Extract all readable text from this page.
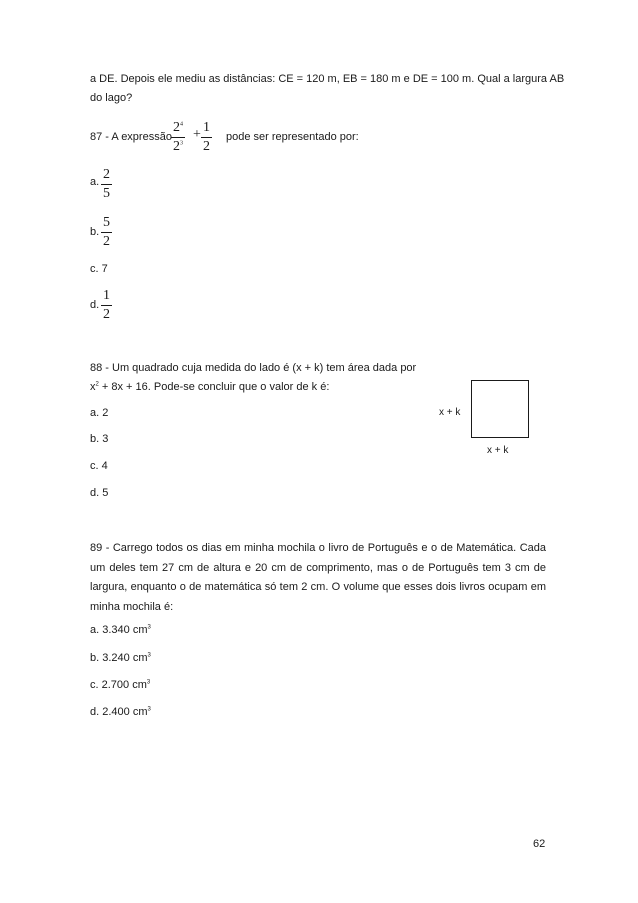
a DE. Depois ele mediu as distâncias: CE = 120 m, EB = 180 m e DE = 100 m. Qual a largura AB
do lago?
87 - A expressão $\frac{2^4}{2^3} + \frac{1}{2}$ pode ser representado por:
a. $\frac{2}{5}$
b. $\frac{5}{2}$
c. 7
d. $\frac{1}{2}$
88 - Um quadrado cuja medida do lado é (x + k) tem área dada por
$x^2 + 8x + 16$. Pode-se concluir que o valor de k é:
a. 2
b. 3
c. 4
d. 5
x + k
x + k
89 - Carrego todos os dias em minha mochila o livro de Português e o de Matemática. Cada um deles tem 27 cm de altura e 20 cm de comprimento, mas o de Português tem 3 cm de largura, enquanto o de matemática só tem 2 cm. O volume que esses dois livros ocupam em minha mochila é:
a. 3.340 $cm^3$
b. 3.240 $cm^3$
c. 2.700 $cm^3$
d. 2.400 $cm^3$
62
